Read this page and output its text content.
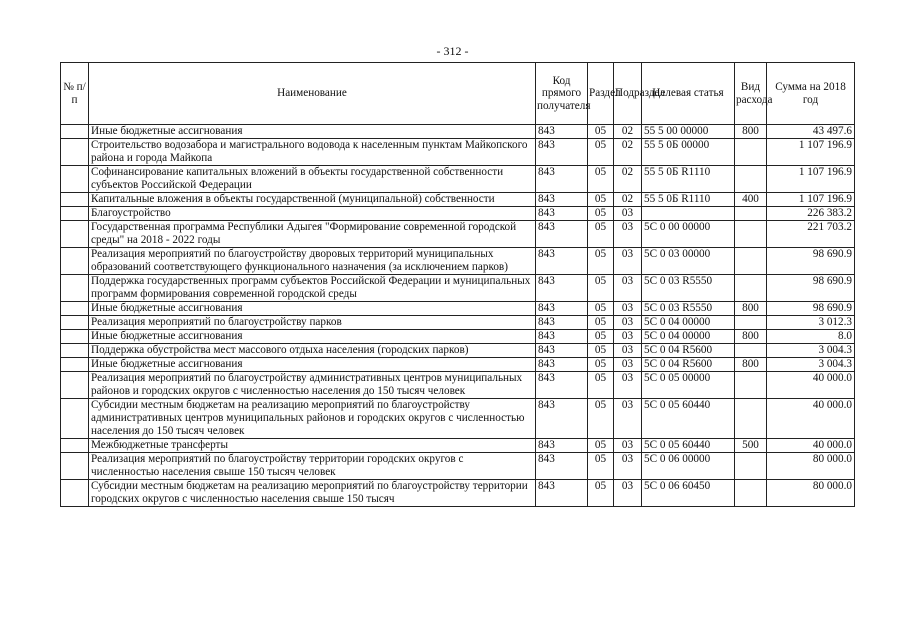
- 312 -
№ п/п	Наименование	Код прямого получателя	Раздел	Подраздел	Целевая статья	Вид расхода	Сумма на 2018 год
	Иные бюджетные ассигнования	843	05	02	55 5 00 00000	800	43 497.6
	Строительство водозабора и магистрального водовода к населенным пунктам Майкопского района и города Майкопа	843	05	02	55 5 0Б 00000		1 107 196.9
	Софинансирование капитальных вложений в объекты государственной собственности субъектов Российской Федерации	843	05	02	55 5 0Б R1110		1 107 196.9
	Капитальные вложения в объекты государственной (муниципальной) собственности	843	05	02	55 5 0Б R1110	400	1 107 196.9
	Благоустройство	843	05	03			226 383.2
	Государственная программа Республики Адыгея "Формирование современной городской среды" на 2018 - 2022 годы	843	05	03	5С 0 00 00000		221 703.2
	Реализация мероприятий по благоустройству дворовых территорий муниципальных образований соответствующего функционального назначения (за исключением парков)	843	05	03	5С 0 03 00000		98 690.9
	Поддержка государственных программ субъектов Российской Федерации и муниципальных программ формирования современной городской среды	843	05	03	5С 0 03 R5550		98 690.9
	Иные бюджетные ассигнования	843	05	03	5С 0 03 R5550	800	98 690.9
	Реализация мероприятий по благоустройству парков	843	05	03	5С 0 04 00000		3 012.3
	Иные бюджетные ассигнования	843	05	03	5С 0 04 00000	800	8.0
	Поддержка обустройства мест массового отдыха населения (городских парков)	843	05	03	5С 0 04 R5600		3 004.3
	Иные бюджетные ассигнования	843	05	03	5С 0 04 R5600	800	3 004.3
	Реализация мероприятий по благоустройству административных центров муниципальных районов и городских округов с численностью населения до 150 тысяч человек	843	05	03	5С 0 05 00000		40 000.0
	Субсидии местным бюджетам на реализацию мероприятий по благоустройству административных центров муниципальных районов и городских округов с численностью населения до 150 тысяч человек	843	05	03	5С 0 05 60440		40 000.0
	Межбюджетные трансферты	843	05	03	5С 0 05 60440	500	40 000.0
	Реализация мероприятий по благоустройству территории городских округов с численностью населения свыше 150 тысяч человек	843	05	03	5С 0 06 00000		80 000.0
	Субсидии местным бюджетам на реализацию мероприятий по благоустройству территории городских округов с численностью населения свыше 150 тысяч	843	05	03	5С 0 06 60450		80 000.0
